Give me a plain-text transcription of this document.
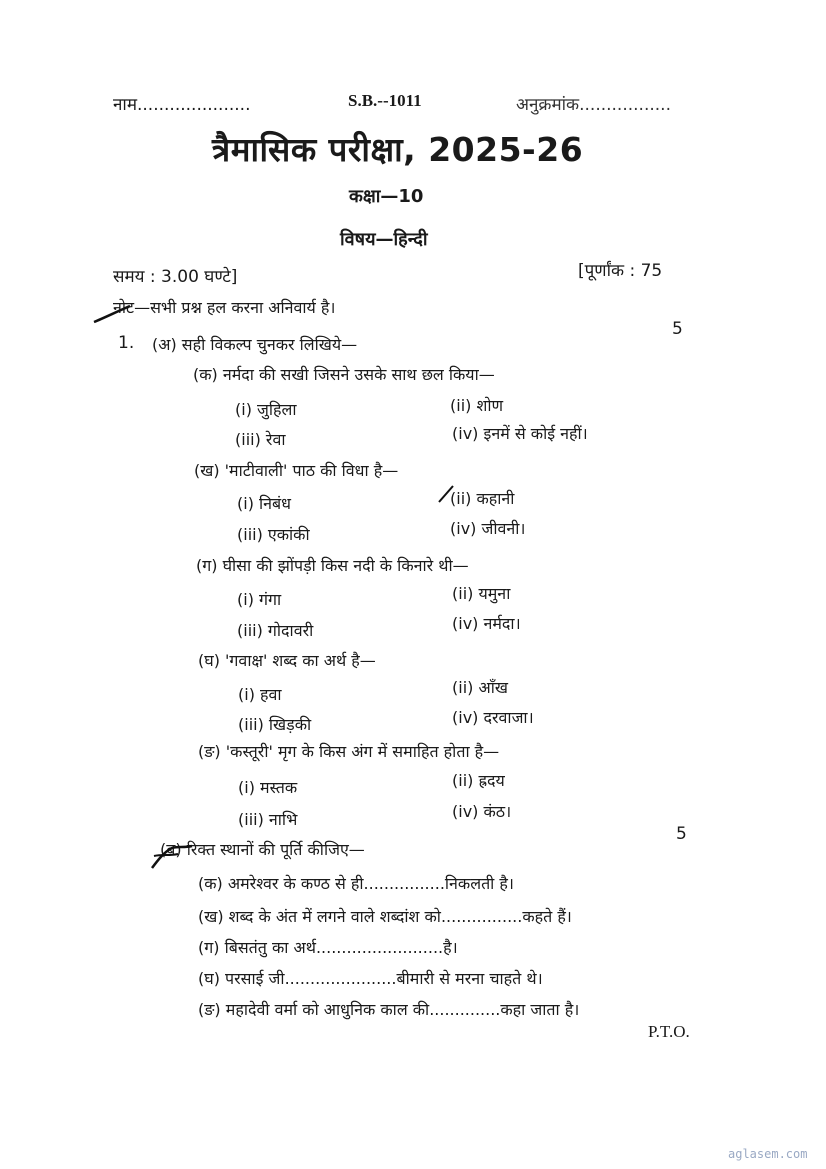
नाम.....................	S.B.--1011	अनुक्रमांक.................
त्रैमासिक परीक्षा, 2025-26
कक्षा—10
विषय—हिन्दी
समय : 3.00 घण्टे]	[पूर्णांक : 75
नोट—सभी प्रश्न हल करना अनिवार्य है।
1. (अ) सही विकल्प चुनकर लिखिये—
5
(क) नर्मदा की सखी जिसने उसके साथ छल किया—
(i) जुहिला	(ii) शोण
(iii) रेवा	(iv) इनमें से कोई नहीं।
(ख) 'माटीवाली' पाठ की विधा है—
(i) निबंध	(ii) कहानी
(iii) एकांकी	(iv) जीवनी।
(ग) घीसा की झोंपड़ी किस नदी के किनारे थी—
(i) गंगा	(ii) यमुना
(iii) गोदावरी	(iv) नर्मदा।
(घ) 'गवाक्ष' शब्द का अर्थ है—
(i) हवा	(ii) आँख
(iii) खिड़की	(iv) दरवाजा।
(ङ) 'कस्तूरी' मृग के किस अंग में समाहित होता है—
(i) मस्तक	(ii) ह्रदय
(iii) नाभि	(iv) कंठ।
5
(ब) रिक्त स्थानों की पूर्ति कीजिए—
(क) अमरेश्वर के कण्ठ से ही................निकलती है।
(ख) शब्द के अंत में लगने वाले शब्दांश को................कहते हैं।
(ग) बिसतंतु का अर्थ.........................है।
(घ) परसाई जी......................बीमारी से मरना चाहते थे।
(ङ) महादेवी वर्मा को आधुनिक काल की..............कहा जाता है।
P.T.O.
aglasem.com
